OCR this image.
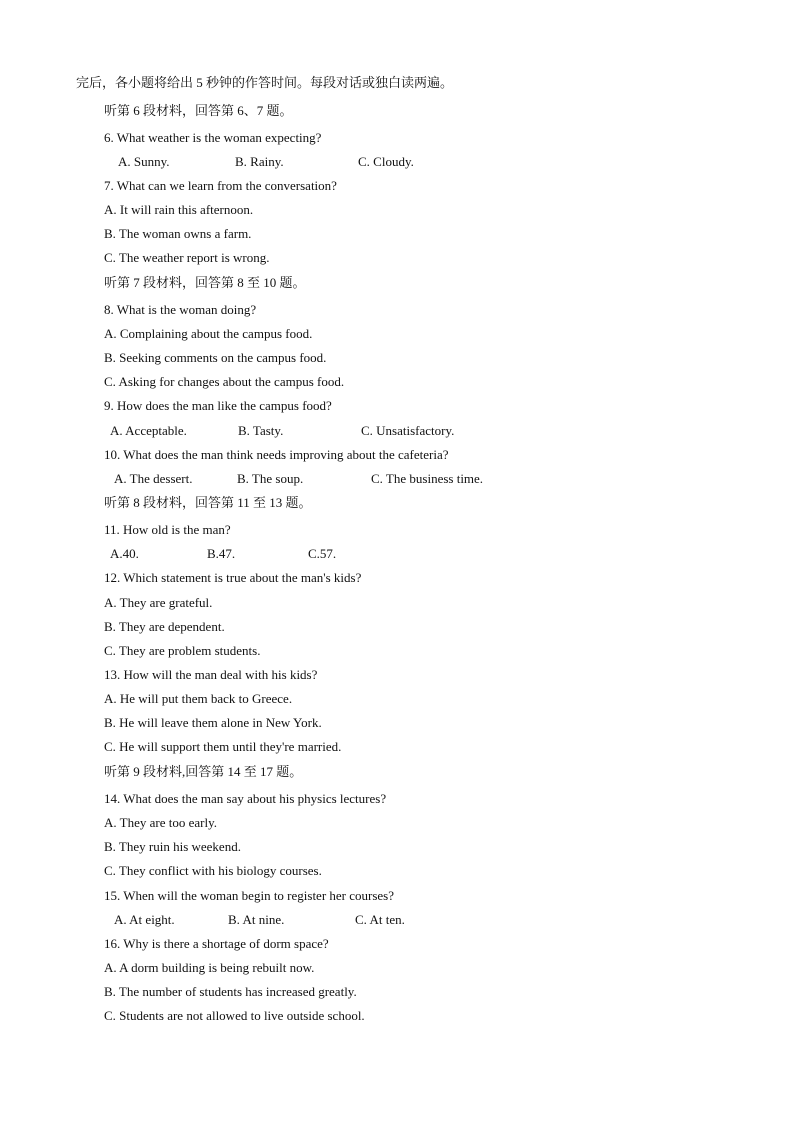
完后，各小题将给出 5 秒钟的作答时间。每段对话或独白读两遍。
听第 6 段材料，回答第 6、7 题。
6. What weather is the woman expecting?
A. Sunny.	B. Rainy.	C. Cloudy.
7. What can we learn from the conversation?
A. It will rain this afternoon.
B. The woman owns a farm.
C. The weather report is wrong.
听第 7 段材料，回答第 8 至 10 题。
8. What is the woman doing?
A. Complaining about the campus food.
B. Seeking comments on the campus food.
C. Asking for changes about the campus food.
9. How does the man like the campus food?
A. Acceptable.	B. Tasty.	C. Unsatisfactory.
10. What does the man think needs improving about the cafeteria?
A. The dessert.	B. The soup.	C. The business time.
听第 8 段材料，回答第 11 至 13 题。
11. How old is the man?
A.40.	B.47.	C.57.
12. Which statement is true about the man's kids?
A. They are grateful.
B. They are dependent.
C. They are problem students.
13. How will the man deal with his kids?
A. He will put them back to Greece.
B. He will leave them alone in New York.
C. He will support them until they're married.
听第 9 段材料,回答第 14 至 17 题。
14. What does the man say about his physics lectures?
A. They are too early.
B. They ruin his weekend.
C. They conflict with his biology courses.
15. When will the woman begin to register her courses?
A. At eight.	B. At nine.	C. At ten.
16. Why is there a shortage of dorm space?
A. A dorm building is being rebuilt now.
B. The number of students has increased greatly.
C. Students are not allowed to live outside school.
